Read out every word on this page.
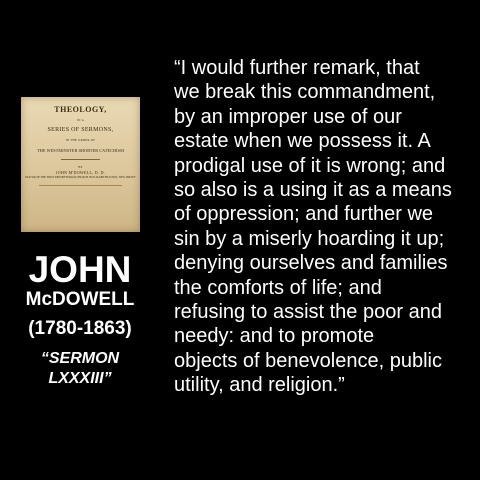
THEOLOGY,
IN A
SERIES OF SERMONS,
IN THE ORDER OF
THE WESTMINSTER SHORTER CATECHISM
BY
JOHN M'DOWELL, D. D.
PASTOR OF THE FIRST PRESBYTERIAN CHURCH IN ELIZABETH-TOWN, NEW-JERSEY
JOHN
McDOWELL
(1780-1863)
“SERMON
LXXXIII”
“I would further remark, that
we break this commandment,
by an improper use of our
estate when we possess it. A
prodigal use of it is wrong; and
so also is a using it as a means
of oppression; and further we
sin by a miserly hoarding it up;
denying ourselves and families
the comforts of life; and
refusing to assist the poor and
needy: and to promote
objects of benevolence, public
utility, and religion.”
